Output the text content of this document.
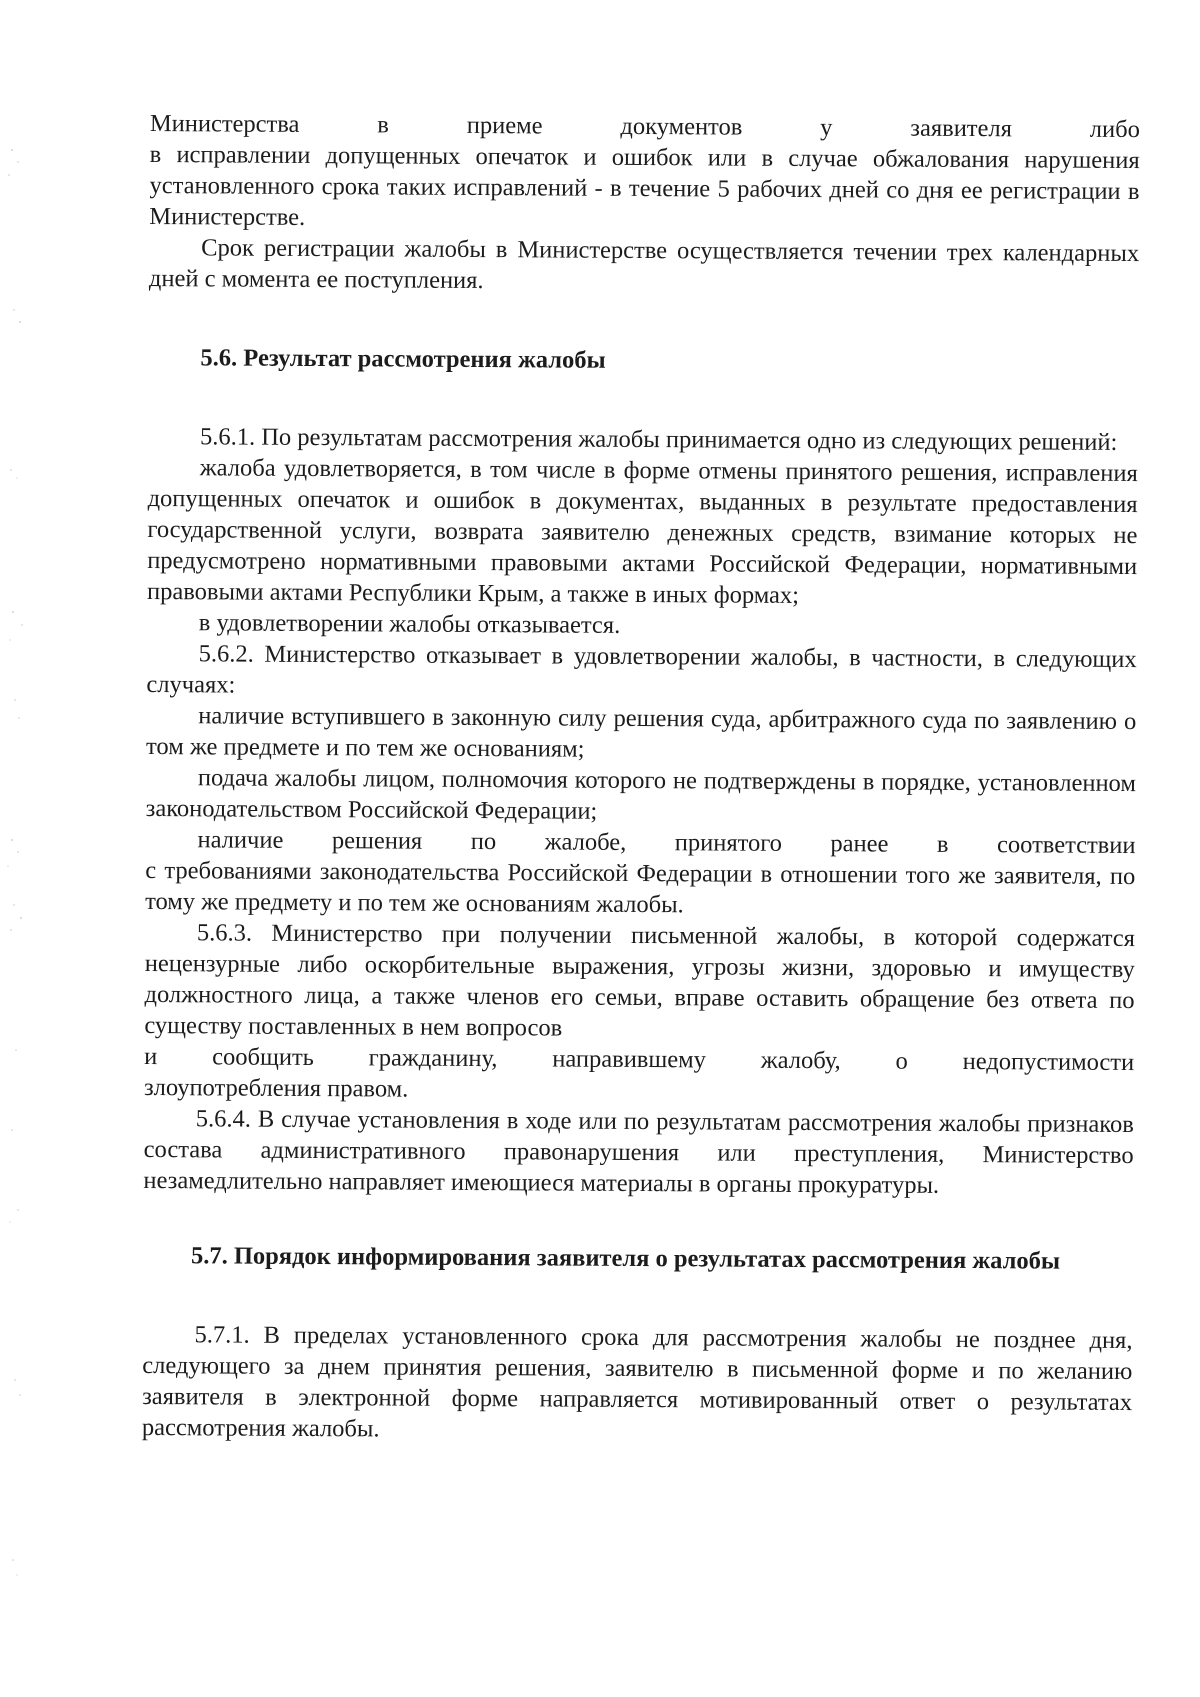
Министерства в приеме документов у заявителя либо

в исправлении допущенных опечаток и ошибок или в случае обжалования нарушения установленного срока таких исправлений - в течение 5 рабочих дней со дня ее регистрации в Министерстве.

Срок регистрации жалобы в Министерстве осуществляется течении трех календарных дней с момента ее поступления.

5.6. Результат рассмотрения жалобы

5.6.1. По результатам рассмотрения жалобы принимается одно из следующих решений:

жалоба удовлетворяется, в том числе в форме отмены принятого решения, исправления допущенных опечаток и ошибок в документах, выданных в результате предоставления государственной услуги, возврата заявителю денежных средств, взимание которых не предусмотрено нормативными правовыми актами Российской Федерации, нормативными правовыми актами Республики Крым, а также в иных формах;

в удовлетворении жалобы отказывается.

5.6.2. Министерство отказывает в удовлетворении жалобы, в частности, в следующих случаях:

наличие вступившего в законную силу решения суда, арбитражного суда по заявлению о том же предмете и по тем же основаниям;

подача жалобы лицом, полномочия которого не подтверждены в порядке, установленном законодательством Российской Федерации;

наличие решения по жалобе, принятого ранее в соответствии

с требованиями законодательства Российской Федерации в отношении того же заявителя, по тому же предмету и по тем же основаниям жалобы.

5.6.3. Министерство при получении письменной жалобы, в которой содержатся нецензурные либо оскорбительные выражения, угрозы жизни, здоровью и имуществу должностного лица, а также членов его семьи, вправе оставить обращение без ответа по существу поставленных в нем вопросов

и сообщить гражданину, направившему жалобу, о недопустимости

злоупотребления правом.

5.6.4. В случае установления в ходе или по результатам рассмотрения жалобы признаков состава административного правонарушения или преступления, Министерство незамедлительно направляет имеющиеся материалы в органы прокуратуры.

5.7. Порядок информирования заявителя о результатах рассмотрения жалобы

5.7.1. В пределах установленного срока для рассмотрения жалобы не позднее дня, следующего за днем принятия решения, заявителю в письменной форме и по желанию заявителя в электронной форме направляется мотивированный ответ о результатах рассмотрения жалобы.
